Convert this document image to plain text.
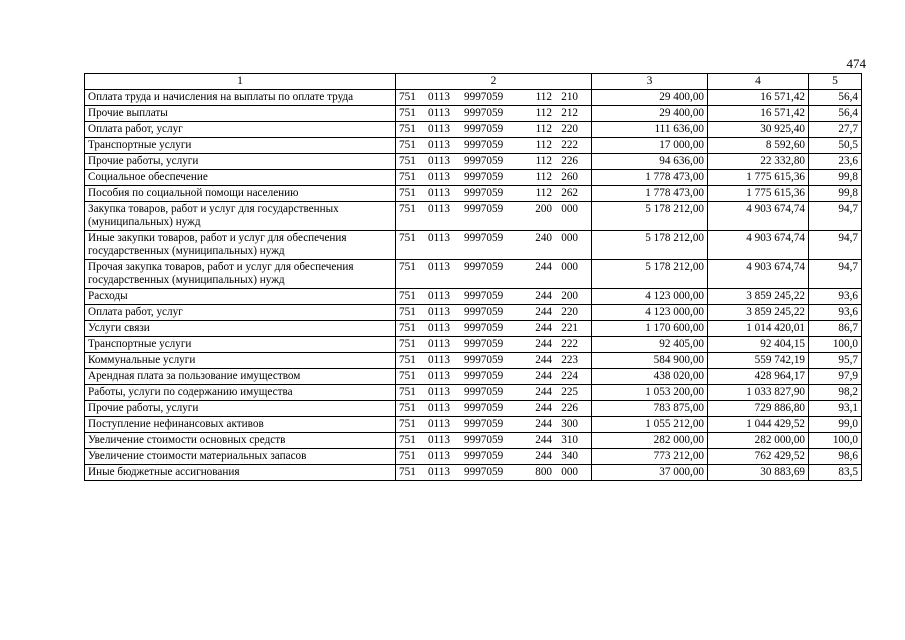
474
1	2	3	4	5
Оплата труда и начисления на выплаты по оплате труда	751 0113 9997059 112 210	29 400,00	16 571,42	56,4
Прочие выплаты	751 0113 9997059 112 212	29 400,00	16 571,42	56,4
Оплата работ, услуг	751 0113 9997059 112 220	111 636,00	30 925,40	27,7
Транспортные услуги	751 0113 9997059 112 222	17 000,00	8 592,60	50,5
Прочие работы, услуги	751 0113 9997059 112 226	94 636,00	22 332,80	23,6
Социальное обеспечение	751 0113 9997059 112 260	1 778 473,00	1 775 615,36	99,8
Пособия по социальной помощи населению	751 0113 9997059 112 262	1 778 473,00	1 775 615,36	99,8
Закупка товаров, работ и услуг для государственных (муниципальных) нужд	751 0113 9997059 200 000	5 178 212,00	4 903 674,74	94,7
Иные закупки товаров, работ и услуг для обеспечения государственных (муниципальных) нужд	751 0113 9997059 240 000	5 178 212,00	4 903 674,74	94,7
Прочая закупка товаров, работ и услуг для обеспечения государственных (муниципальных) нужд	751 0113 9997059 244 000	5 178 212,00	4 903 674,74	94,7
Расходы	751 0113 9997059 244 200	4 123 000,00	3 859 245,22	93,6
Оплата работ, услуг	751 0113 9997059 244 220	4 123 000,00	3 859 245,22	93,6
Услуги связи	751 0113 9997059 244 221	1 170 600,00	1 014 420,01	86,7
Транспортные услуги	751 0113 9997059 244 222	92 405,00	92 404,15	100,0
Коммунальные услуги	751 0113 9997059 244 223	584 900,00	559 742,19	95,7
Арендная плата за пользование имуществом	751 0113 9997059 244 224	438 020,00	428 964,17	97,9
Работы, услуги по содержанию имущества	751 0113 9997059 244 225	1 053 200,00	1 033 827,90	98,2
Прочие работы, услуги	751 0113 9997059 244 226	783 875,00	729 886,80	93,1
Поступление нефинансовых активов	751 0113 9997059 244 300	1 055 212,00	1 044 429,52	99,0
Увеличение стоимости основных средств	751 0113 9997059 244 310	282 000,00	282 000,00	100,0
Увеличение стоимости материальных запасов	751 0113 9997059 244 340	773 212,00	762 429,52	98,6
Иные бюджетные ассигнования	751 0113 9997059 800 000	37 000,00	30 883,69	83,5
